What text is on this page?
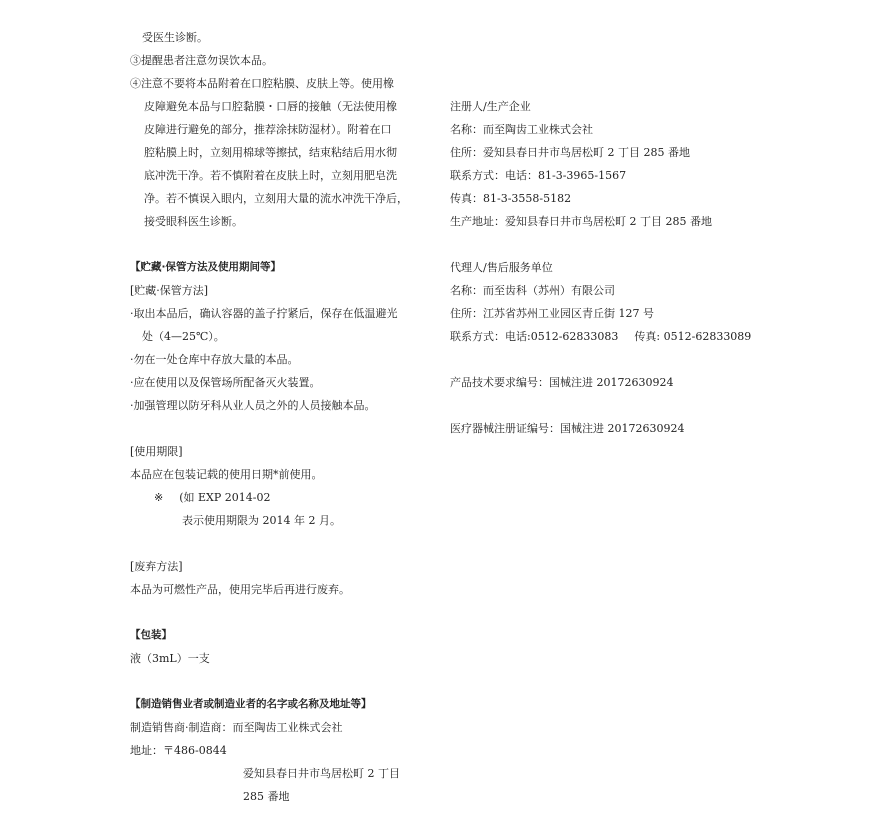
受医生诊断。
③提醒患者注意勿误饮本品。
④注意不要将本品附着在口腔粘膜、皮肤上等。使用橡
皮障避免本品与口腔黏膜・口唇的接触（无法使用橡
皮障进行避免的部分，推荐涂抹防湿材）。附着在口
腔粘膜上时，立刻用棉球等擦拭，结束粘结后用水彻
底冲洗干净。若不慎附着在皮肤上时，立刻用肥皂洗
净。若不慎误入眼内，立刻用大量的流水冲洗干净后，
接受眼科医生诊断。
【贮藏·保管方法及使用期间等】
[贮藏·保管方法]
·取出本品后，确认容器的盖子拧紧后，保存在低温避光
处（4—25℃）。
·勿在一处仓库中存放大量的本品。
·应在使用以及保管场所配备灭火装置。
·加强管理以防牙科从业人员之外的人员接触本品。
[使用期限]
本品应在包装记载的使用日期*前使用。
※ (如 EXP 2014-02
表示使用期限为 2014 年 2 月。
[废弃方法]
本品为可燃性产品，使用完毕后再进行废弃。
【包装】
液（3mL）一支
【制造销售业者或制造业者的名字或名称及地址等】
制造销售商·制造商：而至陶齿工业株式会社
地址：〒486-0844
爱知县春日井市鸟居松町 2 丁目
285 番地
注册人/生产企业
名称：而至陶齿工业株式会社
住所：爱知县春日井市鸟居松町 2 丁目 285 番地
联系方式：电话：81-3-3965-1567
传真：81-3-3558-5182
生产地址：爱知县春日井市鸟居松町 2 丁目 285 番地
代理人/售后服务单位
名称：而至齿科（苏州）有限公司
住所：江苏省苏州工业园区青丘街 127 号
联系方式：电话:0512-62833083 传真: 0512-62833089
产品技术要求编号：国械注进 20172630924
医疗器械注册证编号：国械注进 20172630924
